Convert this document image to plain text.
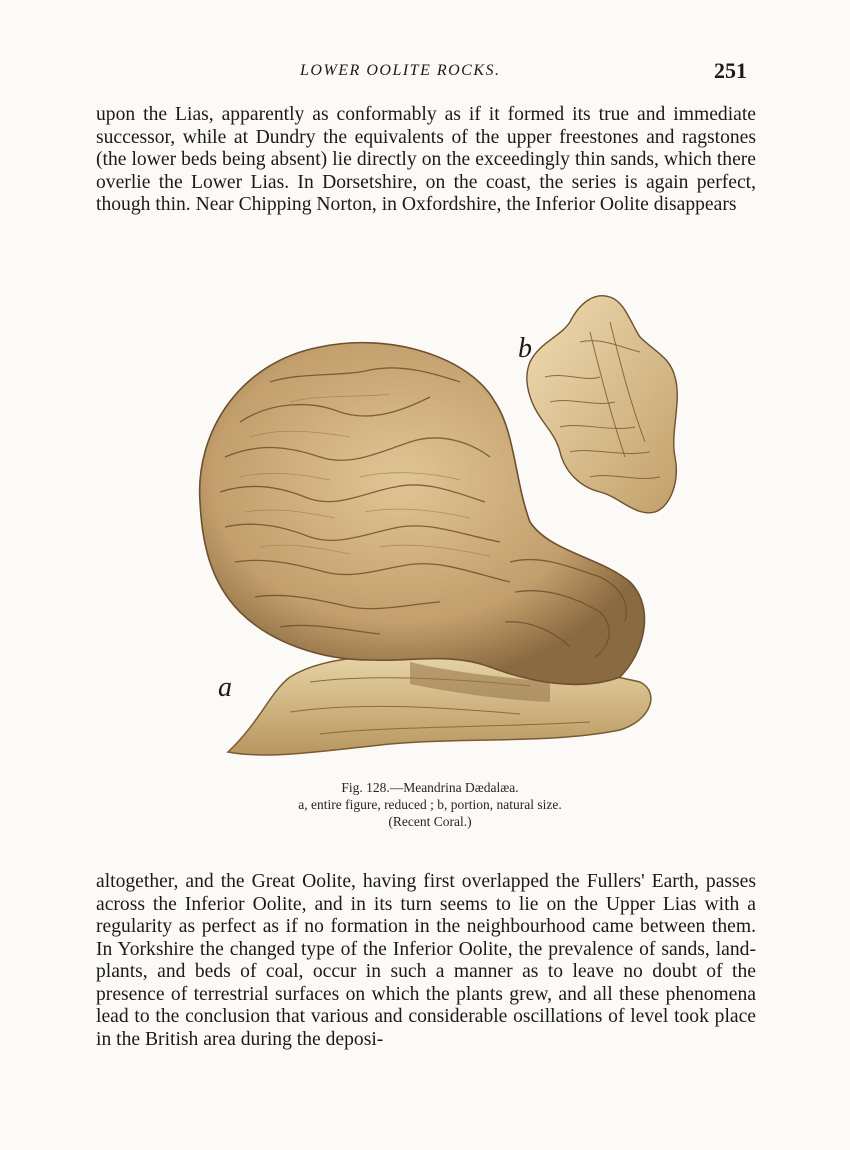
LOWER OOLITE ROCKS.	251

upon the Lias, apparently as conformably as if it formed its true and immediate successor, while at Dundry the equivalents of the upper freestones and ragstones (the lower beds being absent) lie directly on the exceedingly thin sands, which there overlie the Lower Lias. In Dorsetshire, on the coast, the series is again perfect, though thin. Near Chipping Norton, in Oxfordshire, the Inferior Oolite disappears

a
b
Fig. 128.—Meandrina Dædalæa.
a, entire figure, reduced ; b, portion, natural size.
(Recent Coral.)

altogether, and the Great Oolite, having first overlapped the Fullers' Earth, passes across the Inferior Oolite, and in its turn seems to lie on the Upper Lias with a regularity as perfect as if no formation in the neighbourhood came between them. In Yorkshire the changed type of the Inferior Oolite, the prevalence of sands, land-plants, and beds of coal, occur in such a manner as to leave no doubt of the presence of terrestrial surfaces on which the plants grew, and all these phenomena lead to the conclusion that various and considerable oscillations of level took place in the British area during the deposi-
